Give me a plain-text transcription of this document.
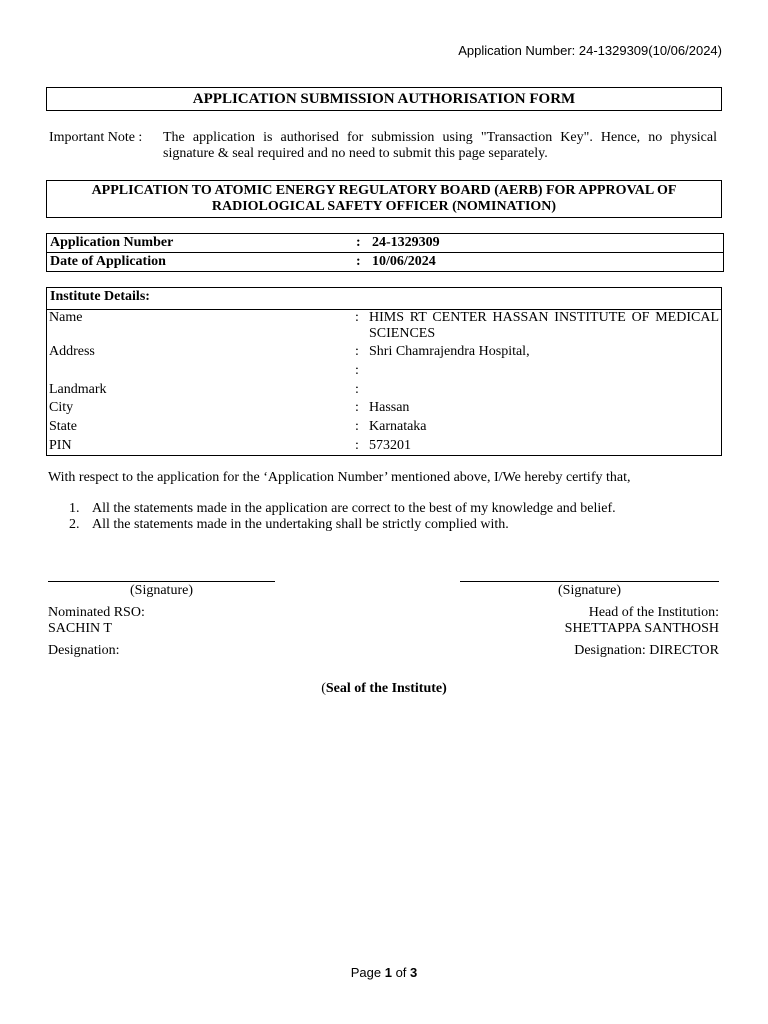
Application Number: 24-1329309(10/06/2024)
APPLICATION SUBMISSION AUTHORISATION FORM
Important Note : The application is authorised for submission using "Transaction Key". Hence, no physical signature & seal required and no need to submit this page separately.
APPLICATION TO ATOMIC ENERGY REGULATORY BOARD (AERB) FOR APPROVAL OF
RADIOLOGICAL SAFETY OFFICER (NOMINATION)
Application Number	:	24-1329309
Date of Application	:	10/06/2024
Institute Details:
Name	: HIMS RT CENTER HASSAN INSTITUTE OF MEDICAL SCIENCES
Address	: Shri Chamrajendra Hospital,
:
Landmark	:
City	: Hassan
State	: Karnataka
PIN	: 573201
With respect to the application for the ‘Application Number’ mentioned above, I/We hereby certify that,
1. All the statements made in the application are correct to the best of my knowledge and belief.
2. All the statements made in the undertaking shall be strictly complied with.
(Signature)	(Signature)
Nominated RSO:
SACHIN T
Designation:
Head of the Institution:
SHETTAPPA SANTHOSH
Designation: DIRECTOR
(Seal of the Institute)
Page 1 of 3
